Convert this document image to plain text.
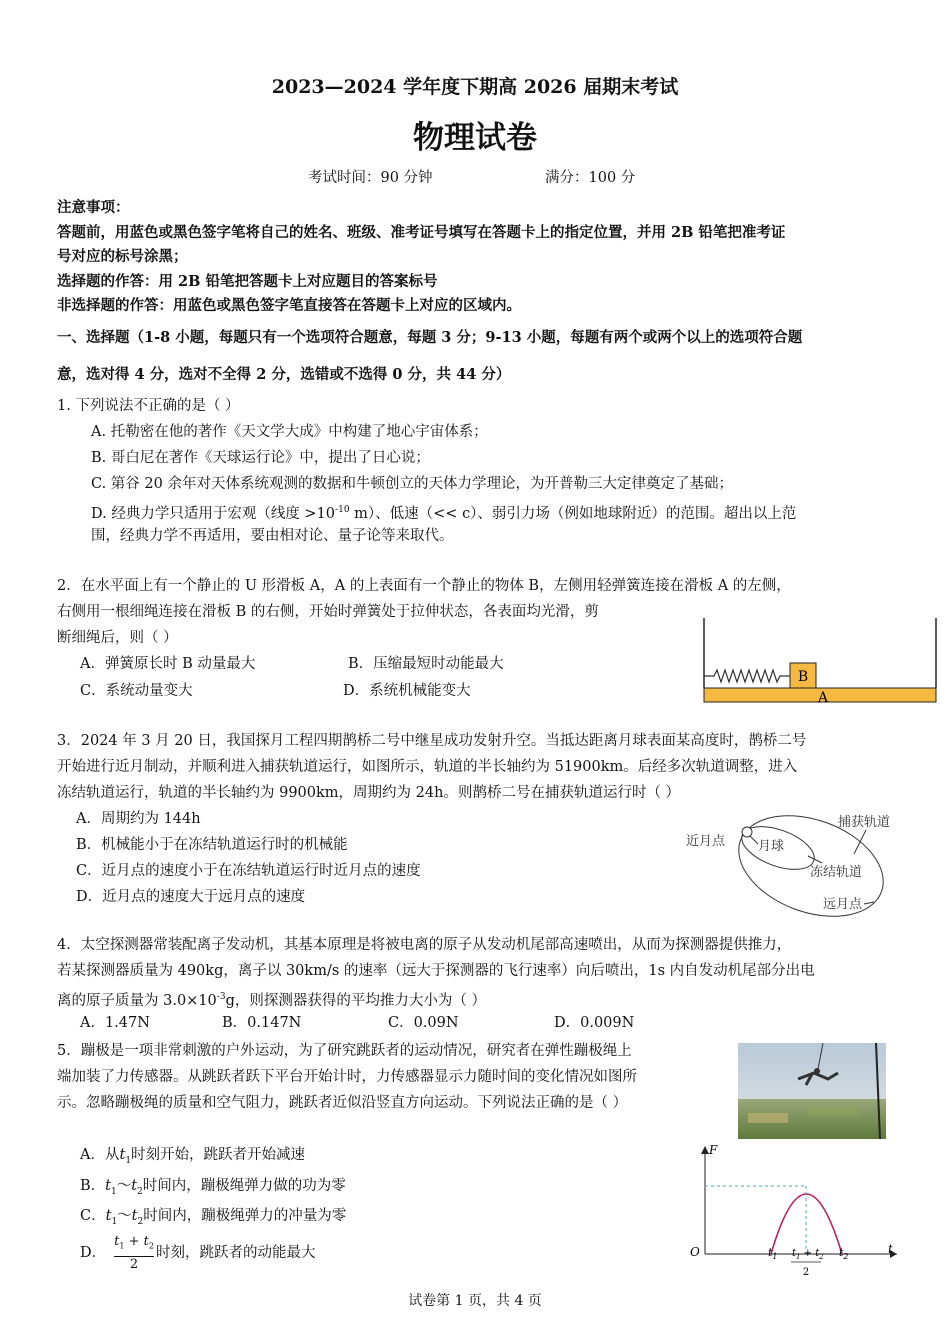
2023—2024 学年度下期高 2026 届期末考试
物理试卷
考试时间：90 分钟	满分：100 分
注意事项：
答题前，用蓝色或黑色签字笔将自己的姓名、班级、准考证号填写在答题卡上的指定位置，并用 2B 铅笔把准考证
号对应的标号涂黑；
选择题的作答：用 2B 铅笔把答题卡上对应题目的答案标号
非选择题的作答：用蓝色或黑色签字笔直接答在答题卡上对应的区域内。
一、选择题（1-8 小题，每题只有一个选项符合题意，每题 3 分；9-13 小题，每题有两个或两个以上的选项符合题
意，选对得 4 分，选对不全得 2 分，选错或不选得 0 分，共 44 分）
1. 下列说法不正确的是（ ）
A. 托勒密在他的著作《天文学大成》中构建了地心宇宙体系；
B. 哥白尼在著作《天球运行论》中，提出了日心说；
C. 第谷 20 余年对天体系统观测的数据和牛顿创立的天体力学理论，为开普勒三大定律奠定了基础；
D. 经典力学只适用于宏观（线度 $>10^{-10}$ m）、低速（<< c）、弱引力场（例如地球附近）的范围。超出以上范
围，经典力学不再适用，要由相对论、量子论等来取代。
2．在水平面上有一个静止的 U 形滑板 A，A 的上表面有一个静止的物体 B，左侧用轻弹簧连接在滑板 A 的左侧，
右侧用一根细绳连接在滑板 B 的右侧，开始时弹簧处于拉伸状态，各表面均光滑，剪
断细绳后，则（ ）
A．弹簧原长时 B 动量最大	B．压缩最短时动能最大
C．系统动量变大	D．系统机械能变大
B
A
3．2024 年 3 月 20 日，我国探月工程四期鹊桥二号中继星成功发射升空。当抵达距离月球表面某高度时，鹊桥二号
开始进行近月制动，并顺利进入捕获轨道运行，如图所示，轨道的半长轴约为 51900km。后经多次轨道调整，进入
冻结轨道运行，轨道的半长轴约为 9900km，周期约为 24h。则鹊桥二号在捕获轨道运行时（ ）
A．周期约为 144h
B．机械能小于在冻结轨道运行时的机械能
C．近月点的速度小于在冻结轨道运行时近月点的速度
D．近月点的速度大于远月点的速度
捕获轨道
近月点	月球
冻结轨道
远月点
4．太空探测器常装配离子发动机，其基本原理是将被电离的原子从发动机尾部高速喷出，从而为探测器提供推力，
若某探测器质量为 490kg，离子以 30km/s 的速率（远大于探测器的飞行速率）向后喷出，1s 内自发动机尾部分出电
离的原子质量为 $3.0\times 10^{-3}g$，则探测器获得的平均推力大小为（ ）
A．1.47N	B．0.147N	C．0.09N	D．0.009N
5．蹦极是一项非常刺激的户外运动，为了研究跳跃者的运动情况，研究者在弹性蹦极绳上
端加装了力传感器。从跳跃者跃下平台开始计时，力传感器显示力随时间的变化情况如图所
示。忽略蹦极绳的质量和空气阻力，跳跃者近似沿竖直方向运动。下列说法正确的是（ ）
A．从$t_1$时刻开始，跳跃者开始减速
B．$t_1\sim t_2$时间内，蹦极绳弹力做的功为零
C．$t_1\sim t_2$时间内，蹦极绳弹力的冲量为零
D．
$t_1 + t_2$
2
时刻，跳跃者的动能最大
F
O	t
$t_1$ $t_1 + t_2$
2
$t_2$
试卷第 1 页，共 4 页
